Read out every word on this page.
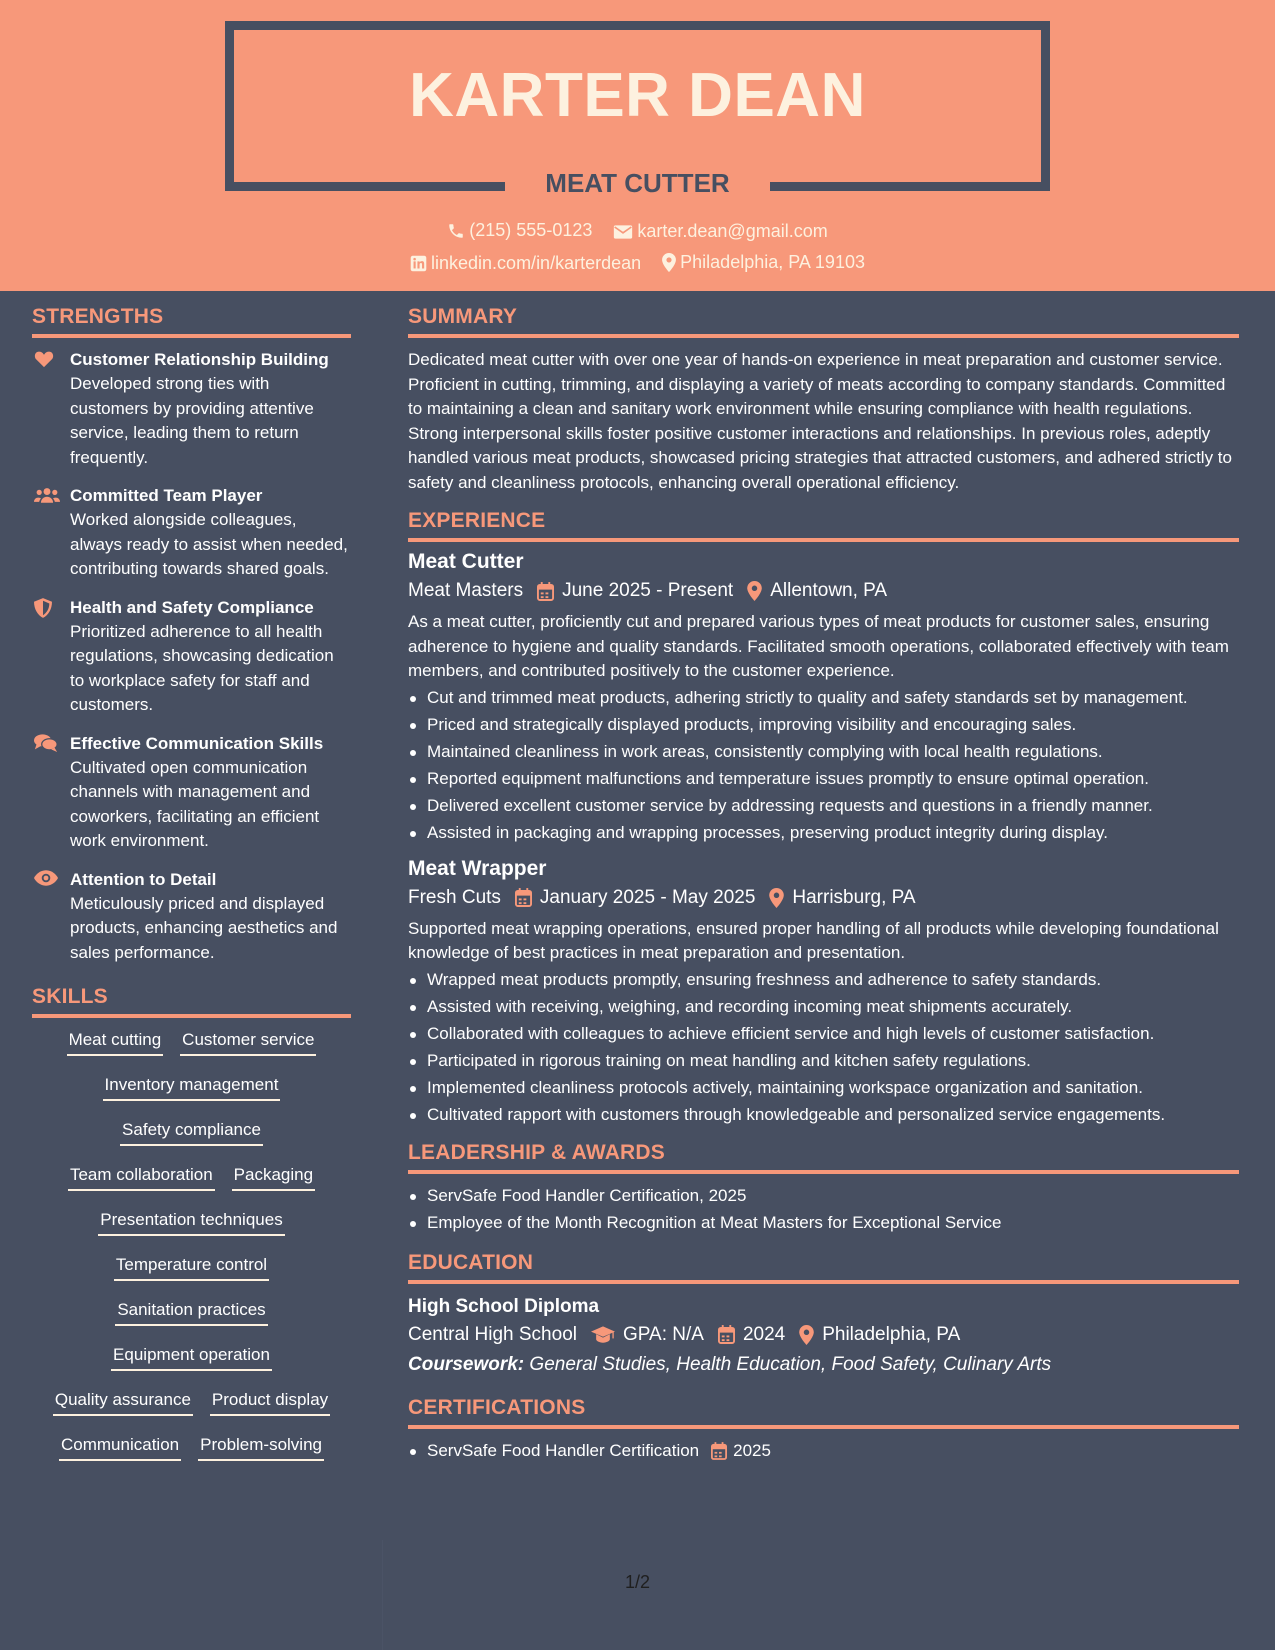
KARTER DEAN
MEAT CUTTER
(215) 555-0123
	karter.dean@gmail.com
linkedin.com/in/karterdean
Philadelphia, PA 19103
STRENGTHS
Customer Relationship Building
Developed strong ties with customers by providing attentive service, leading them to return frequently.
Committed Team Player
Worked alongside colleagues, always ready to assist when needed, contributing towards shared goals.
Health and Safety Compliance
Prioritized adherence to all health regulations, showcasing dedication to workplace safety for staff and customers.
Effective Communication Skills
Cultivated open communication channels with management and coworkers, facilitating an efficient work environment.
Attention to Detail
Meticulously priced and displayed products, enhancing aesthetics and sales performance.
SKILLS
Meat cutting Customer service
Inventory management
Safety compliance
Team collaboration Packaging
Presentation techniques
Temperature control
Sanitation practices
Equipment operation
Quality assurance Product display
Communication Problem-solving
SUMMARY
Dedicated meat cutter with over one year of hands-on experience in meat preparation and customer service. Proficient in cutting, trimming, and displaying a variety of meats according to company standards. Committed to maintaining a clean and sanitary work environment while ensuring compliance with health regulations. Strong interpersonal skills foster positive customer interactions and relationships. In previous roles, adeptly handled various meat products, showcased pricing strategies that attracted customers, and adhered strictly to safety and cleanliness protocols, enhancing overall operational efficiency.
EXPERIENCE
Meat Cutter
Meat Masters June 2025 - Present Allentown, PA
As a meat cutter, proficiently cut and prepared various types of meat products for customer sales, ensuring adherence to hygiene and quality standards. Facilitated smooth operations, collaborated effectively with team members, and contributed positively to the customer experience.
Cut and trimmed meat products, adhering strictly to quality and safety standards set by management.
Priced and strategically displayed products, improving visibility and encouraging sales.
Maintained cleanliness in work areas, consistently complying with local health regulations.
Reported equipment malfunctions and temperature issues promptly to ensure optimal operation.
Delivered excellent customer service by addressing requests and questions in a friendly manner.
Assisted in packaging and wrapping processes, preserving product integrity during display.
Meat Wrapper
Fresh Cuts January 2025 - May 2025 Harrisburg, PA
Supported meat wrapping operations, ensured proper handling of all products while developing foundational knowledge of best practices in meat preparation and presentation.
Wrapped meat products promptly, ensuring freshness and adherence to safety standards.
Assisted with receiving, weighing, and recording incoming meat shipments accurately.
Collaborated with colleagues to achieve efficient service and high levels of customer satisfaction.
Participated in rigorous training on meat handling and kitchen safety regulations.
Implemented cleanliness protocols actively, maintaining workspace organization and sanitation.
Cultivated rapport with customers through knowledgeable and personalized service engagements.
LEADERSHIP & AWARDS
ServSafe Food Handler Certification, 2025
Employee of the Month Recognition at Meat Masters for Exceptional Service
EDUCATION
High School Diploma
Central High School GPA: N/A 2024 Philadelphia, PA
Coursework: General Studies, Health Education, Food Safety, Culinary Arts
CERTIFICATIONS
ServSafe Food Handler Certification 2025
1/2
